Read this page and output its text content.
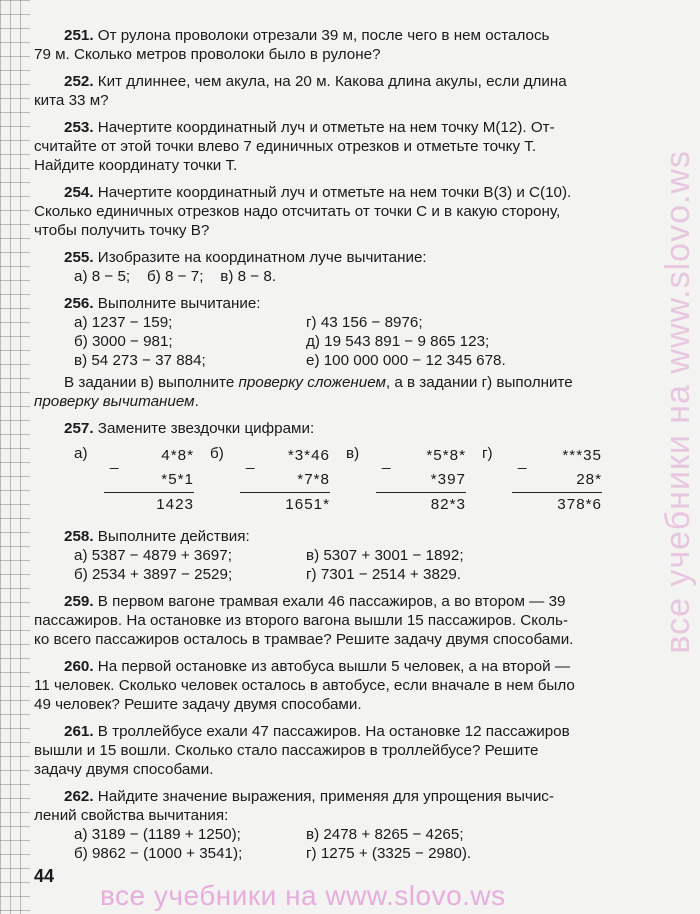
все учебники на www.slovo.ws

251. От рулона проволоки отрезали 39 м, после чего в нем осталось

79 м. Сколько метров проволоки было в рулоне?

252. Кит длиннее, чем акула, на 20 м. Какова длина акулы, если длина

кита 33 м?

253. Начертите координатный луч и отметьте на нем точку M(12). От-

считайте от этой точки влево 7 единичных отрезков и отметьте точку T.

Найдите координату точки T.

254. Начертите координатный луч и отметьте на нем точки B(3) и C(10).

Сколько единичных отрезков надо отсчитать от точки C и в какую сторону,

чтобы получить точку B?

255. Изобразите на координатном луче вычитание:

а) 8 − 5;    б) 8 − 7;    в) 8 − 8.

256. Выполните вычитание:

а) 1237 − 159;	г) 43 156 − 8976;
б) 3000 − 981;	д) 19 543 891 − 9 865 123;
в) 54 273 − 37 884;	е) 100 000 000 − 12 345 678.

В задании в) выполните проверку сложением, а в задании г) выполните

проверку вычитанием.

257. Замените звездочки цифрами:

а)	_	4*8*
*5*1
1423
б)	_	*3*46
*7*8
1651*
в)	_	*5*8*
*397
82*3
г)	_	***35
28*
378*6

258. Выполните действия:

а) 5387 − 4879 + 3697;	в) 5307 + 3001 − 1892;
б) 2534 + 3897 − 2529;	г) 7301 − 2514 + 3829.

259. В первом вагоне трамвая ехали 46 пассажиров, а во втором — 39

пассажиров. На остановке из второго вагона вышли 15 пассажиров. Сколь-

ко всего пассажиров осталось в трамвае? Решите задачу двумя способами.

260. На первой остановке из автобуса вышли 5 человек, а на второй —

11 человек. Сколько человек осталось в автобусе, если вначале в нем было

49 человек? Решите задачу двумя способами.

261. В троллейбусе ехали 47 пассажиров. На остановке 12 пассажиров

вышли и 15 вошли. Сколько стало пассажиров в троллейбусе? Решите

задачу двумя способами.

262. Найдите значение выражения, применяя для упрощения вычис-

лений свойства вычитания:

а) 3189 − (1189 + 1250);	в) 2478 + 8265 − 4265;
б) 9862 − (1000 + 3541);	г) 1275 + (3325 − 2980).
44
все учебники на www.slovo.ws
